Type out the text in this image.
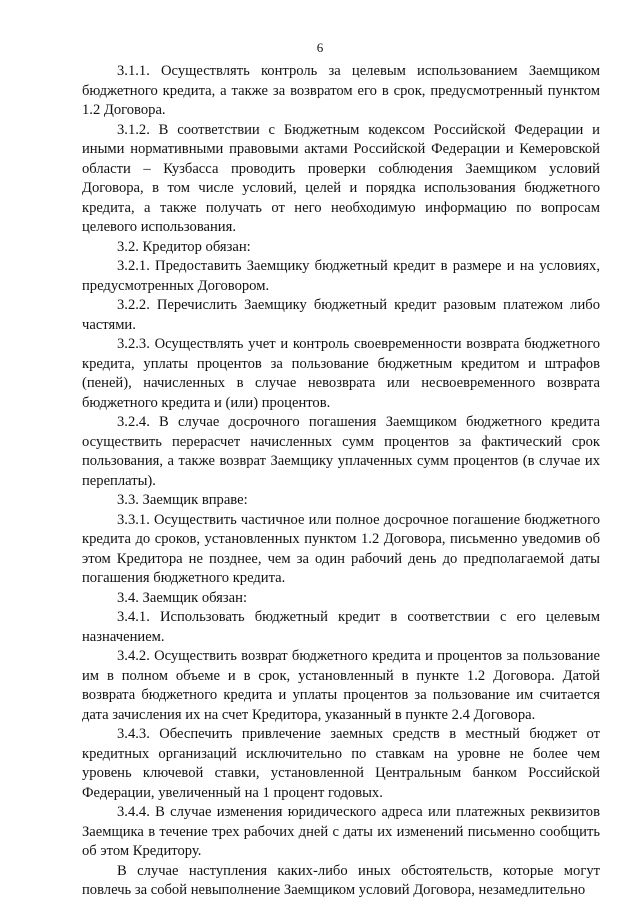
6

3.1.1. Осуществлять контроль за целевым использованием Заемщиком бюджетного кредита, а также за возвратом его в срок, предусмотренный пунктом 1.2 Договора.

3.1.2. В соответствии с Бюджетным кодексом Российской Федерации и иными нормативными правовыми актами Российской Федерации и Кемеровской области – Кузбасса проводить проверки соблюдения Заемщиком условий Договора, в том числе условий, целей и порядка использования бюджетного кредита, а также получать от него необходимую информацию по вопросам целевого использования.

3.2. Кредитор обязан:

3.2.1. Предоставить Заемщику бюджетный кредит в размере и на условиях, предусмотренных Договором.

3.2.2. Перечислить Заемщику бюджетный кредит разовым платежом либо частями.

3.2.3. Осуществлять учет и контроль своевременности возврата бюджетного кредита, уплаты процентов за пользование бюджетным кредитом и штрафов (пеней), начисленных в случае невозврата или несвоевременного возврата бюджетного кредита и (или) процентов.

3.2.4. В случае досрочного погашения Заемщиком бюджетного кредита осуществить перерасчет начисленных сумм процентов за фактический срок пользования, а также возврат Заемщику уплаченных сумм процентов (в случае их переплаты).

3.3. Заемщик вправе:

3.3.1. Осуществить частичное или полное досрочное погашение бюджетного кредита до сроков, установленных пунктом 1.2 Договора, письменно уведомив об этом Кредитора не позднее, чем за один рабочий день до предполагаемой даты погашения бюджетного кредита.

3.4. Заемщик обязан:

3.4.1. Использовать бюджетный кредит в соответствии с его целевым назначением.

3.4.2. Осуществить возврат бюджетного кредита и процентов за пользование им в полном объеме и в срок, установленный в пункте 1.2 Договора. Датой возврата бюджетного кредита и уплаты процентов за пользование им считается дата зачисления их на счет Кредитора, указанный в пункте 2.4 Договора.

3.4.3. Обеспечить привлечение заемных средств в местный бюджет от кредитных организаций исключительно по ставкам на уровне не более чем уровень ключевой ставки, установленной Центральным банком Российской Федерации, увеличенный на 1 процент годовых.

3.4.4. В случае изменения юридического адреса или платежных реквизитов Заемщика в течение трех рабочих дней с даты их изменений письменно сообщить об этом Кредитору.

В случае наступления каких-либо иных обстоятельств, которые могут повлечь за собой невыполнение Заемщиком условий Договора, незамедлительно
